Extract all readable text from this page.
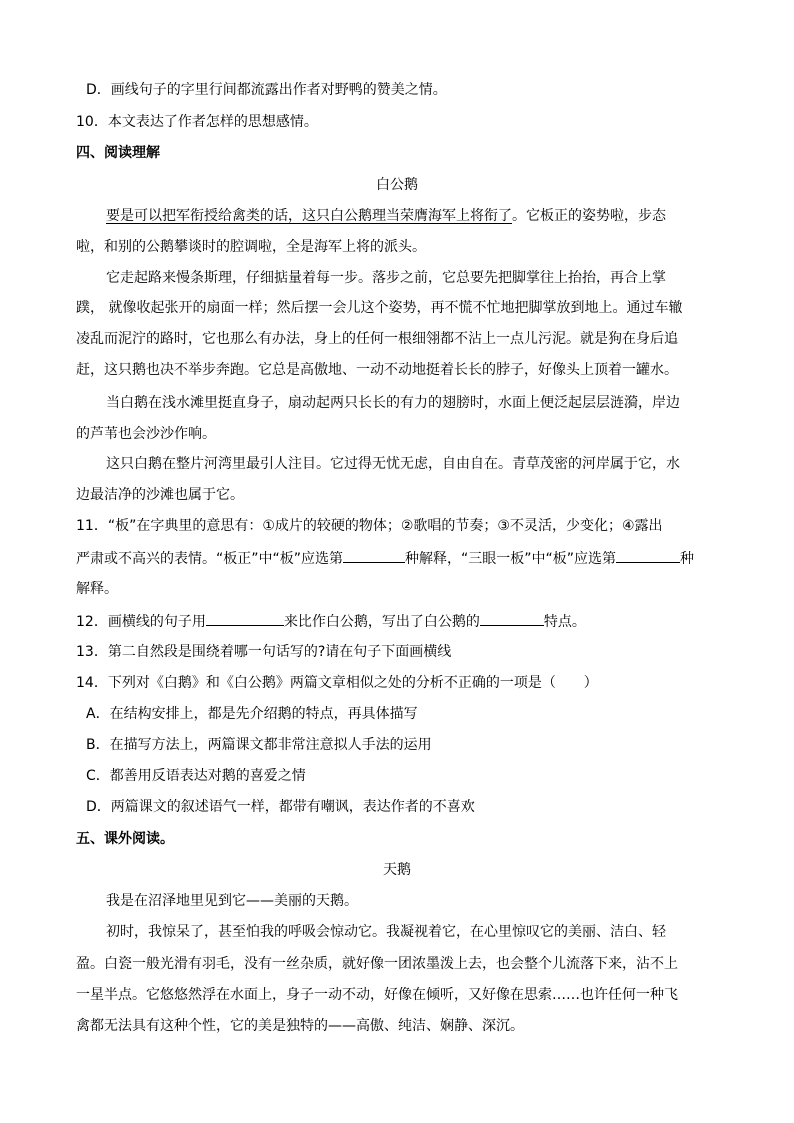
D．画线句子的字里行间都流露出作者对野鸭的赞美之情。
10．本文表达了作者怎样的思想感情。
四、阅读理解
白公鹅
要是可以把军衔授给禽类的话，这只白公鹅理当荣膺海军上将衔了。它板正的姿势啦，步态
啦，和别的公鹅攀谈时的腔调啦，全是海军上将的派头。
它走起路来慢条斯理，仔细掂量着每一步。落步之前，它总要先把脚掌往上抬抬，再合上掌
蹼， 就像收起张开的扇面一样；然后摆一会儿这个姿势，再不慌不忙地把脚掌放到地上。通过车辙
凌乱而泥泞的路时，它也那么有办法，身上的任何一根细翎都不沾上一点儿污泥。就是狗在身后追
赶，这只鹅也决不举步奔跑。它总是高傲地、一动不动地挺着长长的脖子，好像头上顶着一罐水。
当白鹅在浅水滩里挺直身子，扇动起两只长长的有力的翅膀时，水面上便泛起层层涟漪，岸边
的芦苇也会沙沙作响。
这只白鹅在整片河湾里最引人注目。它过得无忧无虑，自由自在。青草茂密的河岸属于它，水
边最洁净的沙滩也属于它。
11．“板”在字典里的意思有：①成片的较硬的物体；②歌唱的节奏；③不灵活，少变化；④露出
严肃或不高兴的表情。“板正”中“板”应选第	种解释，“三眼一板”中“板”应选第	种
解释。
12．画横线的句子用	来比作白公鹅，写出了白公鹅的	特点。
13．第二自然段是围绕着哪一句话写的?请在句子下面画横线
14．下列对《白鹅》和《白公鹅》两篇文章相似之处的分析不正确的一项是（　　）
A．在结构安排上，都是先介绍鹅的特点，再具体描写
B．在描写方法上，两篇课文都非常注意拟人手法的运用
C．都善用反语表达对鹅的喜爱之情
D．两篇课文的叙述语气一样，都带有嘲讽，表达作者的不喜欢
五、课外阅读。
天鹅
我是在沼泽地里见到它——美丽的天鹅。
初时，我惊呆了，甚至怕我的呼吸会惊动它。我凝视着它，在心里惊叹它的美丽、洁白、轻
盈。白瓷一般光滑有羽毛，没有一丝杂质，就好像一团浓墨泼上去，也会整个儿流落下来，沾不上
一星半点。它悠悠然浮在水面上，身子一动不动，好像在倾听，又好像在思索……也许任何一种飞
禽都无法具有这种个性，它的美是独特的——高傲、纯洁、娴静、深沉。
